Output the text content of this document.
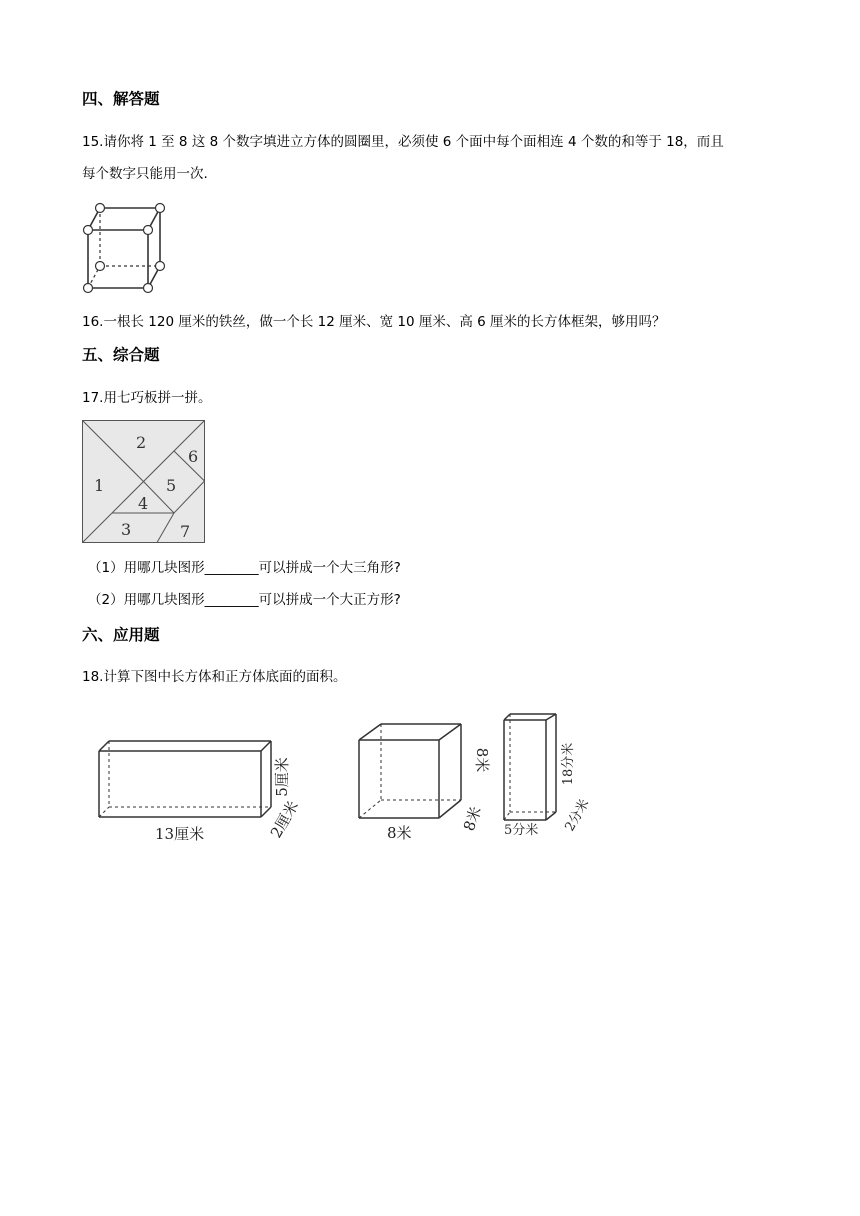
四、解答题
15.请你将 1 至 8 这 8 个数字填进立方体的圆圈里，必须使 6 个面中每个面相连 4 个数的和等于 18，而且
每个数字只能用一次.
16.一根长 120 厘米的铁丝，做一个长 12 厘米、宽 10 厘米、高 6 厘米的长方体框架，够用吗？
五、综合题
17.用七巧板拼一拼。
1
2
3
4
5
6
7
（1）用哪几块图形________可以拼成一个大三角形?
（2）用哪几块图形________可以拼成一个大正方形?
六、应用题
18.计算下图中长方体和正方体底面的面积。
13厘米
5厘米
2厘米	8米
8米
8米 5分米
18分米
2分米
